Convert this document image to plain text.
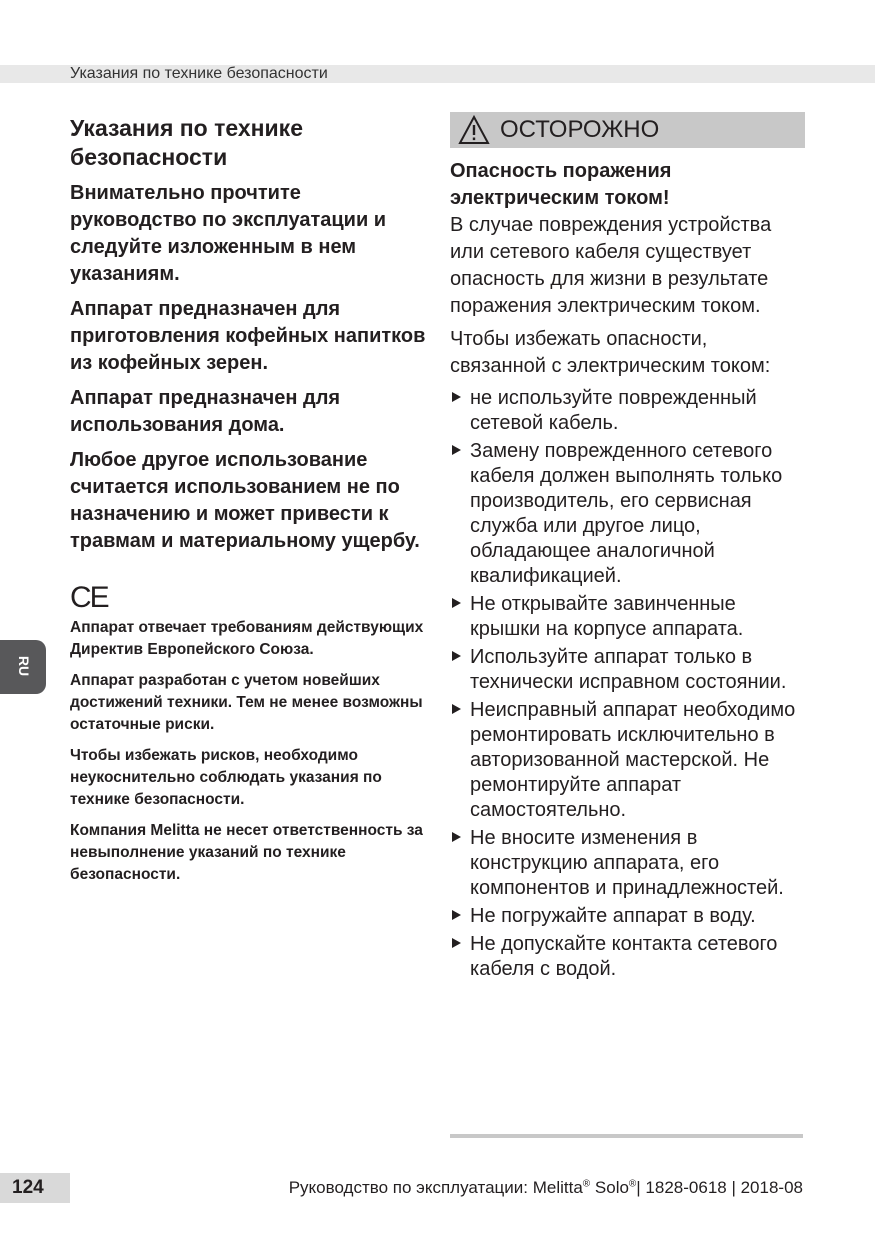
Указания по технике безопасности
RU
Указания по технике безопасности

Внимательно прочтите руководство по эксплуатации и следуйте изложенным в нем указаниям.

Аппарат предназначен для приготовления кофейных напитков из кофейных зерен.

Аппарат предназначен для использования дома.

Любое другое использование считается использованием не по назначению и может привести к травмам и материальному ущербу.

CE

Аппарат отвечает требованиям действующих Директив Европейского Союза.

Аппарат разработан с учетом новейших достижений техники. Тем не менее возможны остаточные риски.

Чтобы избежать рисков, необходимо неукоснительно соблюдать указания по технике безопасности.

Компания Melitta не несет ответственность за невыполнение указаний по технике безопасности.

ОСТОРОЖНО

Опасность поражения электрическим током!

В случае повреждения устройства или сетевого кабеля существует опасность для жизни в результате поражения электрическим током.

Чтобы избежать опасности, связанной с электрическим током:

не используйте поврежденный сетевой кабель.
Замену поврежденного сетевого кабеля должен выполнять только производитель, его сервисная служба или другое лицо, обладающее аналогичной квалификацией.
Не открывайте завинченные крышки на корпусе аппарата.
Используйте аппарат только в технически исправном состоянии.
Неисправный аппарат необходимо ремонтировать исключительно в авторизованной мастерской. Не ремонтируйте аппарат самостоятельно.
Не вносите изменения в конструкцию аппарата, его компонентов и принадлежностей.
Не погружайте аппарат в воду.
Не допускайте контакта сетевого кабеля с водой.
124	Руководство по эксплуатации: Melitta® Solo®| 1828-0618 | 2018-08
